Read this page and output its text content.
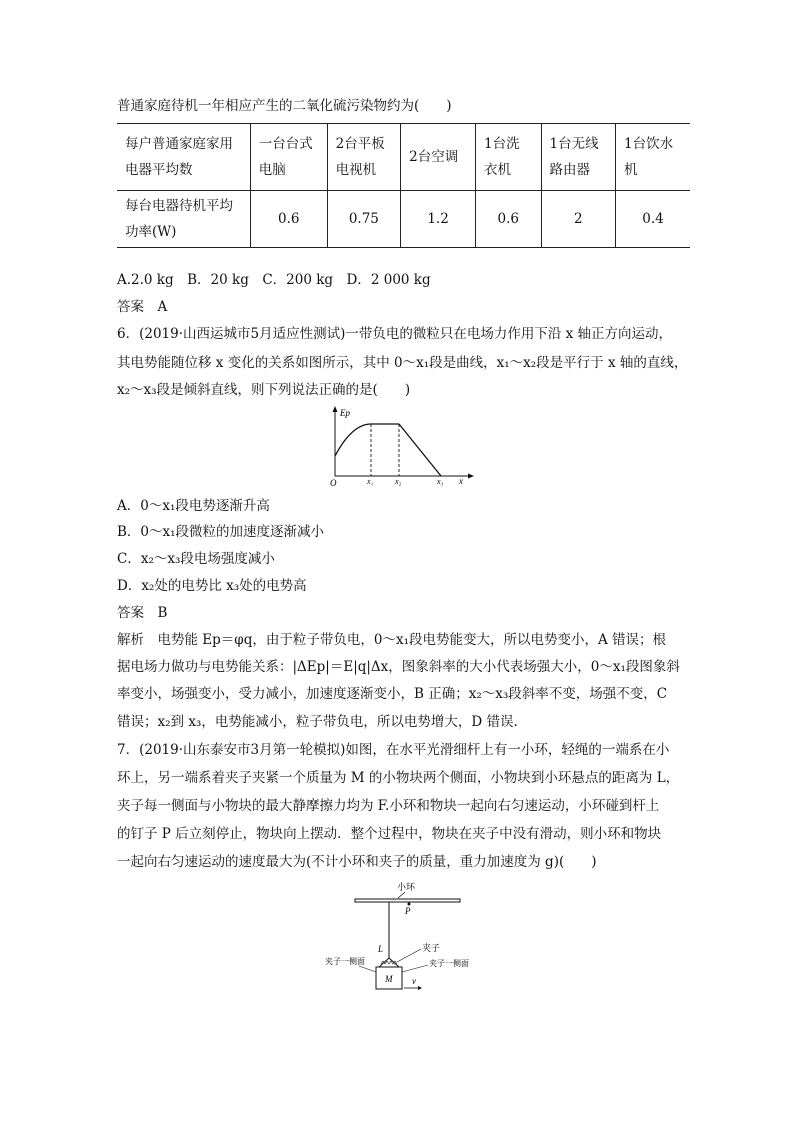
普通家庭待机一年相应产生的二氧化硫污染物约为(　　)
每户普通家庭家用电器平均数	一台台式电脑	2台平板电视机	2台空调	1台洗衣机	1台无线路由器	1台饮水机
每台电器待机平均功率(W)	0.6	0.75	1.2	0.6	2	0.4
A.2.0 kg　B．20 kg　C．200 kg　D．2 000 kg
答案　A
6．(2019·山西运城市5月适应性测试)一带负电的微粒只在电场力作用下沿 x 轴正方向运动，
其电势能随位移 x 变化的关系如图所示，其中 0～x₁段是曲线，x₁～x₂段是平行于 x 轴的直线，
x₂～x₃段是倾斜直线，则下列说法正确的是(　　)
Ep
O	x₁	x₂	x₃ x
A．0～x₁段电势逐渐升高
B．0～x₁段微粒的加速度逐渐减小
C．x₂～x₃段电场强度减小
D．x₂处的电势比 x₃处的电势高
答案　B
解析　电势能 Ep＝φq，由于粒子带负电，0～x₁段电势能变大，所以电势变小，A 错误；根
据电场力做功与电势能关系：|ΔEp|＝E|q|Δx，图象斜率的大小代表场强大小，0～x₁段图象斜
率变小，场强变小，受力减小，加速度逐渐变小，B 正确；x₂～x₃段斜率不变，场强不变，C
错误；x₂到 x₃，电势能减小，粒子带负电，所以电势增大，D 错误.
7．(2019·山东泰安市3月第一轮模拟)如图，在水平光滑细杆上有一小环，轻绳的一端系在小
环上，另一端系着夹子夹紧一个质量为 M 的小物块两个侧面，小物块到小环悬点的距离为 L，
夹子每一侧面与小物块的最大静摩擦力均为 F.小环和物块一起向右匀速运动，小环碰到杆上
的钉子 P 后立刻停止，物块向上摆动．整个过程中，物块在夹子中没有滑动，则小环和物块
一起向右匀速运动的速度最大为(不计小环和夹子的质量，重力加速度为 g)(　　)
小环
P
L
M
夹子
夹子一侧面	夹子一侧面
v
